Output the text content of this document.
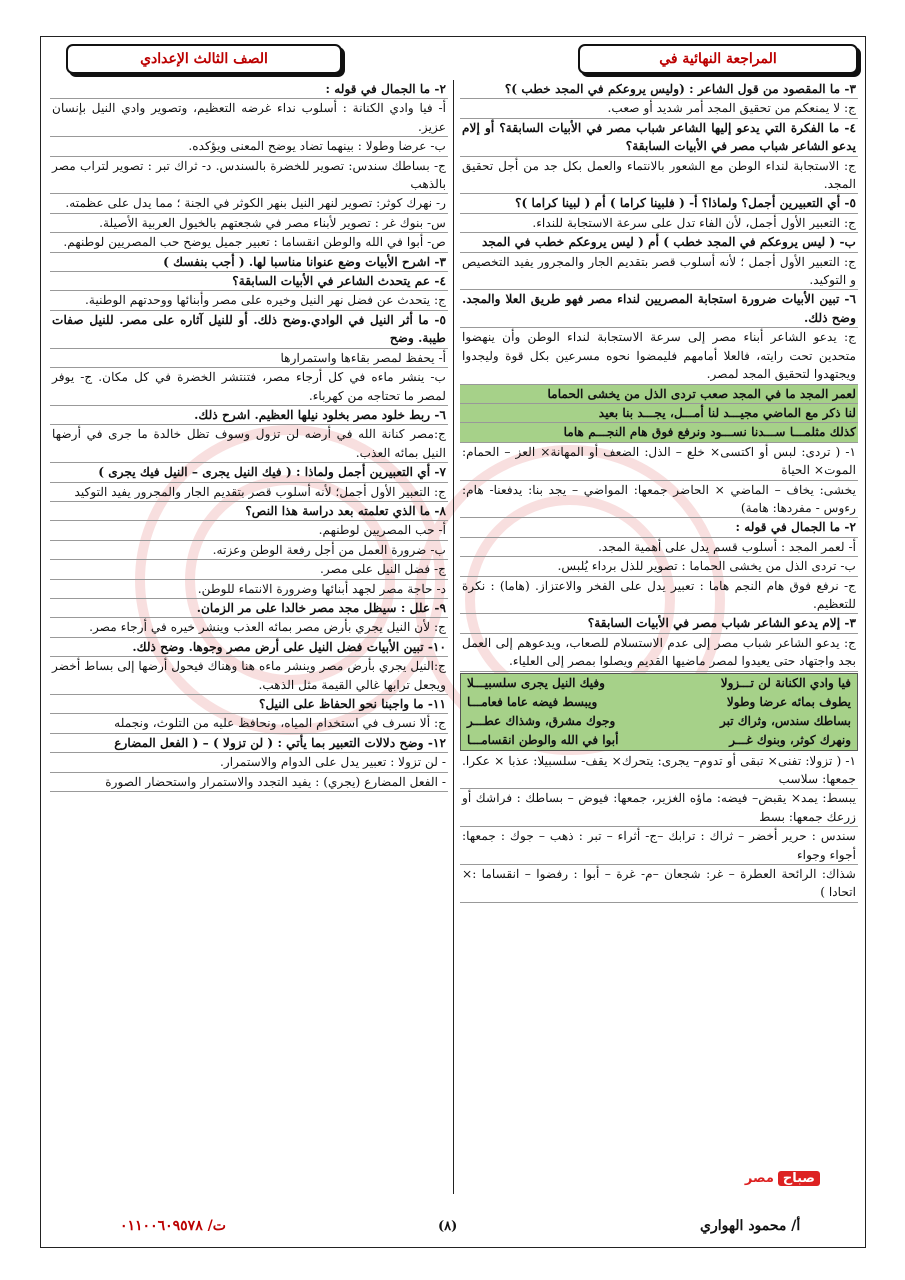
المراجعة النهائية في
الصف الثالث الإعدادي

٣- ما المقصود من قول الشاعر : (وليس يروعكم في المجد خطب )؟

ج: لا يمنعكم من تحقيق المجد أمر شديد أو صعب.

٤- ما الفكرة التي يدعو إليها الشاعر شباب مصر في الأبيات السابقة؟ أو إلام يدعو الشاعر شباب مصر في الأبيات السابقة؟

ج: الاستجابة لنداء الوطن مع الشعور بالانتماء والعمل بكل جد من أجل تحقيق المجد.

٥- أي التعبيرين أجمل؟ ولماذا؟ أ- ( فلبينا كراما ) أم ( لبينا كراما )؟

ج: التعبير الأول أجمل، لأن الفاء تدل على سرعة الاستجابة للنداء.

ب- ( ليس يروعكم في المجد خطب ) أم ( ليس يروعكم خطب في المجد

ج: التعبير الأول أجمل ؛ لأنه أسلوب قصر بتقديم الجار والمجرور يفيد التخصيص و التوكيد.

٦- تبين الأبيات ضرورة استجابة المصريين لنداء مصر فهو طريق العلا والمجد. وضح ذلك.

ج: يدعو الشاعر أبناء مصر إلى سرعة الاستجابة لنداء الوطن وأن ينهضوا متحدين تحت رايته، فالعلا أمامهم فليمضوا نحوه مسرعين بكل قوة وليجدوا ويجتهدوا لتحقيق المجد لمصر.

لعمر المجد ما في المجد صعب تردى الذل من يخشى الحماما

لنا ذكر مع الماضي مجيـــد لنا أمـــل، يجـــد بنا بعيد

كذلك مثلمـــا ســـدنا نســـود ونرفع فوق هام النجـــم هاما

١- ( تردى: لبس أو اكتسى× خلع – الذل: الضعف أو المهانة× العز – الحمام: الموت× الحياة

يخشى: يخاف – الماضي × الحاضر جمعها: المواضي – يجد بنا: يدفعنا- هام: رءوس - مفردها: هامة)

٢- ما الجمال في قوله :

أ- لعمر المجد : أسلوب قسم يدل على أهمية المجد.

ب- تردى الذل من يخشى الحماما : تصوير للذل برداء يُلبس.

ج- نرفع فوق هام النجم هاما : تعبير يدل على الفخر والاعتزاز. (هاما) : نكرة للتعظيم.

٣- إلام يدعو الشاعر شباب مصر في الأبيات السابقة؟

ج: يدعو الشاعر شباب مصر إلى عدم الاستسلام للصعاب، ويدعوهم إلى العمل بجد واجتهاد حتى يعيدوا لمصر ماضيها القديم ويصلوا بمصر إلى العلياء.

فيا وادي الكنانة لن تـــزولا
وفيك النيل يجرى سلسبيـــلا
يطوف بمائه عرضا وطولا
ويبسط فيضه عاما فعامـــا
بساطك سندس، وثراك تبر
وجوك مشرق، وشذاك عطـــر
ونهرك كوثر، وبنوك غـــر
أبوا في الله والوطن انقسامـــا

١- ( تزولا: تفنى× تبقى أو تدوم– يجرى: يتحرك× يقف- سلسبيلا: عذبا × عكرا. جمعها: سلاسب

يبسط: يمد× يقبض– فيضه: ماؤه الغزير، جمعها: فيوض – بساطك : فراشك أو زرعك جمعها: بسط

سندس : حرير أخضر – ثراك : ترابك –ج- أثراء – تبر : ذهب – جوك : جمعها: أجواء وجواء

شذاك: الرائحة العطرة – غر: شجعان –م- غرة – أبوا : رفضوا – انقساما :× اتحادا )

٢- ما الجمال في قوله :

أ- فيا وادي الكنانة : أسلوب نداء غرضه التعظيم، وتصوير وادي النيل بإنسان عزيز.

ب- عرضا وطولا : بينهما تضاد يوضح المعنى ويؤكده.

ج- بساطك سندس: تصوير للخضرة بالسندس. د- ثراك تبر : تصوير لتراب مصر بالذهب

ر- نهرك كوثر: تصوير لنهر النيل بنهر الكوثر في الجنة ؛ مما يدل على عظمته.

س- بنوك غر : تصوير لأبناء مصر في شجعتهم بالخيول العربية الأصيلة.

ص- أبوا في الله والوطن انقساما : تعبير جميل يوضح حب المصريين لوطنهم.

٣- اشرح الأبيات وضع عنوانا مناسبا لها. ( أجب بنفسك )

٤- عم يتحدث الشاعر في الأبيات السابقة؟

ج: يتحدث عن فضل نهر النيل وخيره على مصر وأبنائها ووحدتهم الوطنية.

٥- ما أثر النيل في الوادي.وضح ذلك. أو للنيل آثاره على مصر. للنيل صفات طيبة. وضح

أ- يحفظ لمصر بقاءها واستمرارها

ب- ينشر ماءه في كل أرجاء مصر، فتنتشر الخضرة في كل مكان. ج- يوفر لمصر ما تحتاجه من كهرباء.

٦- ربط خلود مصر بخلود نيلها العظيم. اشرح ذلك.

ج:مصر كنانة الله في أرضه لن تزول وسوف تظل خالدة ما جرى في أرضها النيل بمائه العذب.

٧- أي التعبيرين أجمل ولماذا : ( فيك النيل يجرى – النيل فيك يجرى )

ج: التعبير الأول أجمل؛ لأنه أسلوب قصر بتقديم الجار والمجرور يفيد التوكيد

٨- ما الذي تعلمته بعد دراسة هذا النص؟

أ- حب المصريين لوطنهم.

ب- ضرورة العمل من أجل رفعة الوطن وعزته.

ج- فضل النيل على مصر.

د- حاجة مصر لجهد أبنائها وضرورة الانتماء للوطن.

٩- علل : سيظل مجد مصر خالدا على مر الزمان.

ج: لأن النيل يجري بأرض مصر بمائه العذب وينشر خيره في أرجاء مصر.

١٠- تبين الأبيات فضل النيل على أرض مصر وجوها. وضح ذلك.

ج:النيل يجري بأرض مصر وينشر ماءه هنا وهناك فيحول أرضها إلى بساط أخضر ويجعل ترابها غالي القيمة مثل الذهب.

١١- ما واجبنا نحو الحفاظ على النيل؟

ج: ألا نسرف في استخدام المياه، ونحافظ عليه من التلوث، ونجمله

١٢- وضح دلالات التعبير بما يأتي : ( لن تزولا ) – ( الفعل المضارع

- لن تزولا : تعبير يدل على الدوام والاستمرار.

- الفعل المضارع (يجري) : يفيد التجدد والاستمرار واستحضار الصورة

صباح
مصر
أ/ محمود الهواري
(٨)
ت/ ٠١١٠٠٦٠٩٥٧٨
